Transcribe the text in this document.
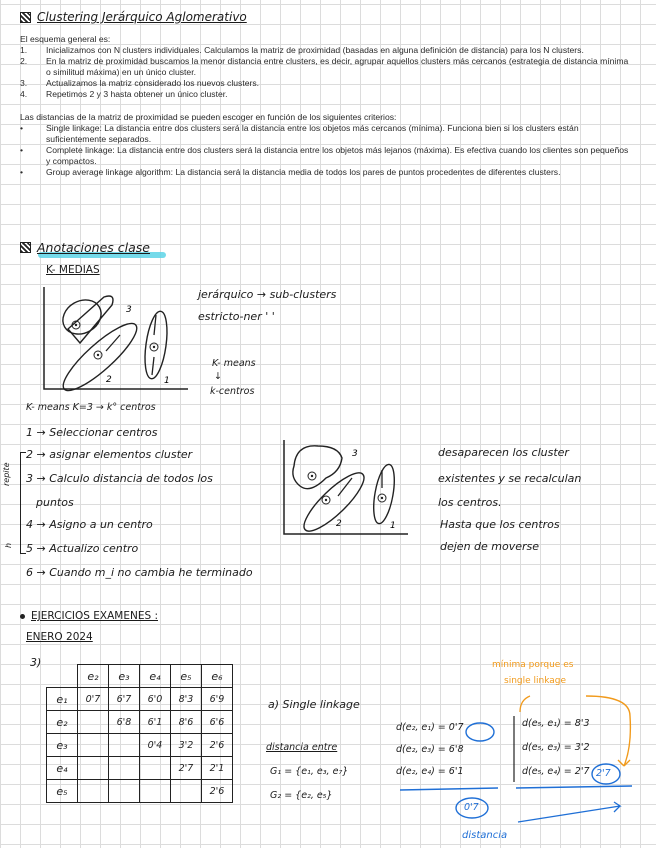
Clustering Jerárquico Aglomerativo
El esquema general es:
1.	Inicializamos con N clusters individuales. Calculamos la matriz de proximidad (basadas en alguna definición de distancia) para los N clusters.
2.	En la matriz de proximidad buscamos la menor distancia entre clusters, es decir, agrupar aquellos clusters más cercanos (estrategia de distancia mínima o similitud máxima) en un único cluster.
3.	Actualizamos la matriz considerado los nuevos clusters.
4.	Repetimos 2 y 3 hasta obtener un único cluster.
Las distancias de la matriz de proximidad se pueden escoger en función de los siguientes criterios:
•	Single linkage: La distancia entre dos clusters será la distancia entre los objetos más cercanos (mínima). Funciona bien si los clusters están suficientemente separados.
•	Complete linkage: La distancia entre dos clusters será la distancia entre los objetos más lejanos (máxima). Es efectiva cuando los clientes son pequeños y compactos.
•	Group average linkage algorithm: La distancia será la distancia media de todos los pares de puntos procedentes de diferentes clusters.
Anotaciones clase
K- MEDIAS
3
2	1
jerárquico → sub-clusters
estricto-ner ' '
K- means
↓
k-centros
K- means K=3 → k° centros
1 → Seleccionar centros
2 → asignar elementos cluster
3 → Calculo distancia de todos los
puntos
4 → Asigno a un centro
5 → Actualizo centro
6 → Cuando m_i no cambia he terminado
repite
h
3
2	1
desaparecen los cluster
existentes y se recalculan
los centros.
Hasta que los centros
dejen de moverse
EJERCICIOS EXAMENES :
ENERO 2024
3)
	e₂	e₃	e₄	e₅	e₆
e₁	0'7	6'7	6'0	8'3	6'9
e₂		6'8	6'1	8'6	6'6
e₃			0'4	3'2	2'6
e₄				2'7	2'1
e₅					2'6
a) Single linkage
distancia entre
G₁ = {e₁, e₃, e₇}
G₂ = {e₂, e₅}
d(e₂, e₁) = 0'7
d(e₂, e₃) = 6'8
d(e₂, e₄) = 6'1
d(e₅, e₁) = 8'3
d(e₅, e₃) = 3'2
d(e₅, e₄) = 2'7
0'7
2'7
distancia
mínima porque es
single linkage
